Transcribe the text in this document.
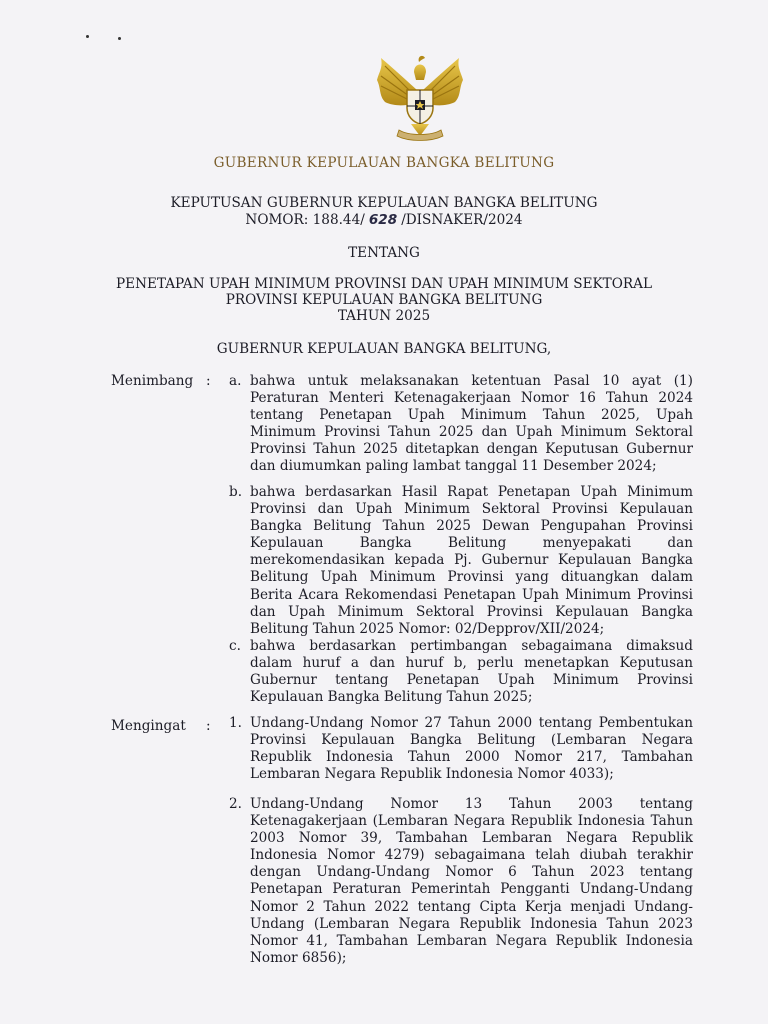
GUBERNUR KEPULAUAN BANGKA BELITUNG
KEPUTUSAN GUBERNUR KEPULAUAN BANGKA BELITUNG
NOMOR: 188.44/ 628 /DISNAKER/2024
TENTANG
PENETAPAN UPAH MINIMUM PROVINSI DAN UPAH MINIMUM SEKTORAL
PROVINSI KEPULAUAN BANGKA BELITUNG
TAHUN 2025
GUBERNUR KEPULAUAN BANGKA BELITUNG,
Menimbang : a. bahwa untuk melaksanakan ketentuan Pasal 10 ayat (1) Peraturan Menteri Ketenagakerjaan Nomor 16 Tahun 2024 tentang Penetapan Upah Minimum Tahun 2025, Upah Minimum Provinsi Tahun 2025 dan Upah Minimum Sektoral Provinsi Tahun 2025 ditetapkan dengan Keputusan Gubernur dan diumumkan paling lambat tanggal 11 Desember 2024;
b. bahwa berdasarkan Hasil Rapat Penetapan Upah Minimum Provinsi dan Upah Minimum Sektoral Provinsi Kepulauan Bangka Belitung Tahun 2025 Dewan Pengupahan Provinsi Kepulauan Bangka Belitung menyepakati dan merekomendasikan kepada Pj. Gubernur Kepulauan Bangka Belitung Upah Minimum Provinsi yang dituangkan dalam Berita Acara Rekomendasi Penetapan Upah Minimum Provinsi dan Upah Minimum Sektoral Provinsi Kepulauan Bangka Belitung Tahun 2025 Nomor: 02/Depprov/XII/2024;
c. bahwa berdasarkan pertimbangan sebagaimana dimaksud dalam huruf a dan huruf b, perlu menetapkan Keputusan Gubernur tentang Penetapan Upah Minimum Provinsi Kepulauan Bangka Belitung Tahun 2025;
Mengingat : 1. Undang-Undang Nomor 27 Tahun 2000 tentang Pembentukan Provinsi Kepulauan Bangka Belitung (Lembaran Negara Republik Indonesia Tahun 2000 Nomor 217, Tambahan Lembaran Negara Republik Indonesia Nomor 4033);
2. Undang-Undang Nomor 13 Tahun 2003 tentang Ketenagakerjaan (Lembaran Negara Republik Indonesia Tahun 2003 Nomor 39, Tambahan Lembaran Negara Republik Indonesia Nomor 4279) sebagaimana telah diubah terakhir dengan Undang-Undang Nomor 6 Tahun 2023 tentang Penetapan Peraturan Pemerintah Pengganti Undang-Undang Nomor 2 Tahun 2022 tentang Cipta Kerja menjadi Undang-Undang (Lembaran Negara Republik Indonesia Tahun 2023 Nomor 41, Tambahan Lembaran Negara Republik Indonesia Nomor 6856);
